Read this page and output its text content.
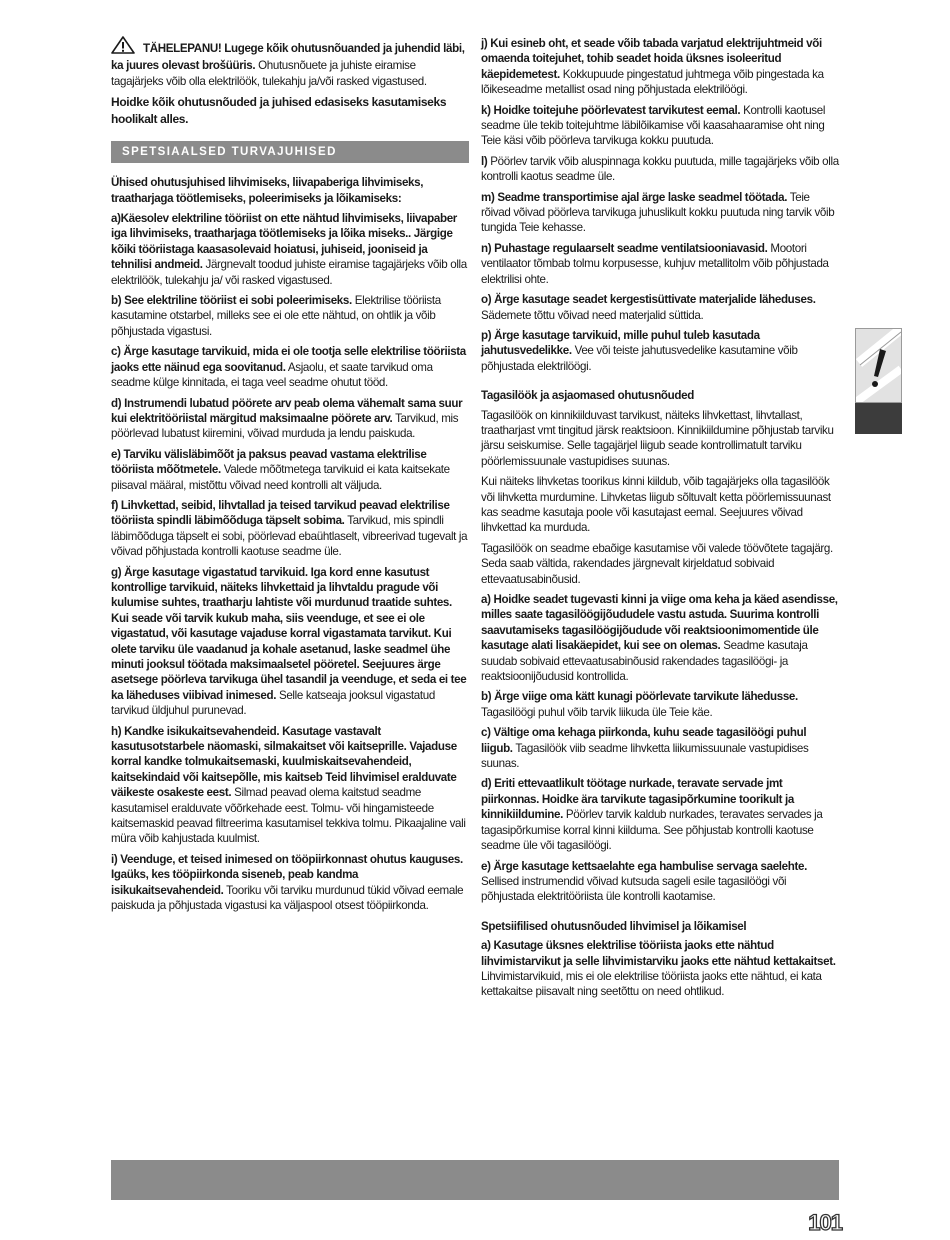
TÄHELEPANU! Lugege kõik ohutusnõuanded ja juhendid läbi, ka juures olevast brošüüris. Ohutusnõuete ja juhiste eiramise tagajärjeks võib olla elektrilöök, tulekahju ja/või rasked vigastused.
Hoidke kõik ohutusnõuded ja juhised edasiseks kasutamiseks hoolikalt alles.
SPETSIAALSED TURVAJUHISED
Ühised ohutusjuhised lihvimiseks, liivapaberiga lihvimiseks, traatharjaga töötlemiseks, poleerimiseks ja lõikamiseks:
a)Käesolev elektriline tööriist on ette nähtud lihvimiseks, liivapaber iga lihvimiseks, traatharjaga töötlemiseks ja lõika miseks.. Järgige kõiki tööriistaga kaasasolevaid hoiatusi, juhiseid, jooniseid ja tehnilisi andmeid. Järgnevalt toodud juhiste eiramise tagajärjeks võib olla elektrilöök, tulekahju ja/ või rasked vigastused.
b) See elektriline tööriist ei sobi poleerimiseks. Elektrilise tööriista kasutamine otstarbel, milleks see ei ole ette nähtud, on ohtlik ja võib põhjustada vigastusi.
c) Ärge kasutage tarvikuid, mida ei ole tootja selle elektrilise tööriista jaoks ette näinud ega soovitanud. Asjaolu, et saate tarvikud oma seadme külge kinnitada, ei taga veel seadme ohutut tööd.
d) Instrumendi lubatud pöörete arv peab olema vähemalt sama suur kui elektritööriistal märgitud maksimaalne pöörete arv. Tarvikud, mis pöörlevad lubatust kiiremini, võivad murduda ja lendu paiskuda.
e) Tarviku välisläbimõõt ja paksus peavad vastama elektrilise tööriista mõõtmetele. Valede mõõtmetega tarvikuid ei kata kaitsekate piisaval määral, mistõttu võivad need kontrolli alt väljuda.
f) Lihvkettad, seibid, lihvtallad ja teised tarvikud peavad elektrilise tööriista spindli läbimõõduga täpselt sobima. Tarvikud, mis spindli läbimõõduga täpselt ei sobi, pöörlevad ebaühtlaselt, vibreerivad tugevalt ja võivad põhjustada kontrolli kaotuse seadme üle.
g) Ärge kasutage vigastatud tarvikuid. Iga kord enne kasutust kontrollige tarvikuid, näiteks lihvkettaid ja lihvtaldu pragude või kulumise suhtes, traatharju lahtiste või murdunud traatide suhtes. Kui seade või tarvik kukub maha, siis veenduge, et see ei ole vigastatud, või kasutage vajaduse korral vigastamata tarvikut. Kui olete tarviku üle vaadanud ja kohale asetanud, laske seadmel ühe minuti jooksul töötada maksimaalsetel pööretel. Seejuures ärge asetsege pöörleva tarvikuga ühel tasandil ja veenduge, et seda ei tee ka läheduses viibivad inimesed. Selle katseaja jooksul vigastatud tarvikud üldjuhul purunevad.
h) Kandke isikukaitsevahendeid. Kasutage vastavalt kasutusotstarbele näomaski, silmakaitset või kaitseprille. Vajaduse korral kandke tolmukaitsemaski, kuulmiskaitsevahendeid, kaitsekindaid või kaitsepõlle, mis kaitseb Teid lihvimisel eralduvate väikeste osakeste eest. Silmad peavad olema kaitstud seadme kasutamisel eralduvate võõrkehade eest. Tolmu- või hingamisteede kaitsemaskid peavad filtreerima kasutamisel tekkiva tolmu. Pikaajaline vali müra võib kahjustada kuulmist.
i) Veenduge, et teised inimesed on tööpiirkonnast ohutus kauguses. Igaüks, kes tööpiirkonda siseneb, peab kandma isikukaitsevahendeid. Tooriku või tarviku murdunud tükid võivad eemale paiskuda ja põhjustada vigastusi ka väljaspool otsest tööpiirkonda.
j) Kui esineb oht, et seade võib tabada varjatud elektrijuhtmeid või omaenda toitejuhet, tohib seadet hoida üksnes isoleeritud käepidemetest. Kokkupuude pingestatud juhtmega võib pingestada ka lõikeseadme metallist osad ning põhjustada elektrilöögi.
k) Hoidke toitejuhe pöörlevatest tarvikutest eemal. Kontrolli kaotusel seadme üle tekib toitejuhtme läbilõikamise või kaasahaaramise oht ning Teie käsi võib pöörleva tarvikuga kokku puutuda.
l) Pöörlev tarvik võib aluspinnaga kokku puutuda, mille tagajärjeks võib olla kontrolli kaotus seadme üle.
m) Seadme transportimise ajal ärge laske seadmel töötada. Teie rõivad võivad pöörleva tarvikuga juhuslikult kokku puutuda ning tarvik võib tungida Teie kehasse.
n) Puhastage regulaarselt seadme ventilatsiooniavasid. Mootori ventilaator tõmbab tolmu korpusesse, kuhjuv metallitolm võib põhjustada elektrilisi ohte.
o) Ärge kasutage seadet kergestisüttivate materjalide läheduses. Sädemete tõttu võivad need materjalid süttida.
p) Ärge kasutage tarvikuid, mille puhul tuleb kasutada jahutusvedelikke. Vee või teiste jahutusvedelike kasutamine võib põhjustada elektrilöögi.
Tagasilöök ja asjaomased ohutusnõuded
Tagasilöök on kinnikiilduvast tarvikust, näiteks lihvkettast, lihvtallast, traatharjast vmt tingitud järsk reaktsioon. Kinnikiildumine põhjustab tarviku järsu seiskumise. Selle tagajärjel liigub seade kontrollimatult tarviku pöörlemissuunale vastupidises suunas.
Kui näiteks lihvketas toorikus kinni kiildub, võib tagajärjeks olla tagasilöök või lihvketta murdumine. Lihvketas liigub sõltuvalt ketta pöörlemissuunast kas seadme kasutaja poole või kasutajast eemal. Seejuures võivad lihvkettad ka murduda.
Tagasilöök on seadme ebaõige kasutamise või valede töövõtete tagajärg. Seda saab vältida, rakendades järgnevalt kirjeldatud sobivaid ettevaatusabinõusid.
a) Hoidke seadet tugevasti kinni ja viige oma keha ja käed asendisse, milles saate tagasilöögijõududele vastu astuda. Suurima kontrolli saavutamiseks tagasilöögijõudude või reaktsioonimomentide üle kasutage alati lisakäepidet, kui see on olemas. Seadme kasutaja suudab sobivaid ettevaatusabinõusid rakendades tagasilöögi- ja reaktsioonijõudusid kontrollida.
b) Ärge viige oma kätt kunagi pöörlevate tarvikute lähedusse. Tagasilöögi puhul võib tarvik liikuda üle Teie käe.
c) Vältige oma kehaga piirkonda, kuhu seade tagasilöögi puhul liigub. Tagasilöök viib seadme lihvketta liikumissuunale vastupidises suunas.
d) Eriti ettevaatlikult töötage nurkade, teravate servade jmt piirkonnas. Hoidke ära tarvikute tagasipõrkumine toorikult ja kinnikiildumine. Pöörlev tarvik kaldub nurkades, teravates servades ja tagasipõrkumise korral kinni kiilduma. See põhjustab kontrolli kaotuse seadme üle või tagasilöögi.
e) Ärge kasutage kettsaelahte ega hambulise servaga saelehte. Sellised instrumendid võivad kutsuda sageli esile tagasilöögi või põhjustada elektritööriista üle kontrolli kaotamise.
Spetsiifilised ohutusnõuded lihvimisel ja lõikamisel
a) Kasutage üksnes elektrilise tööriista jaoks ette nähtud lihvimistarvikut ja selle lihvimistarviku jaoks ette nähtud kettakaitset. Lihvimistarvikuid, mis ei ole elektrilise tööriista jaoks ette nähtud, ei kata kettakaitse piisavalt ning seetõttu on need ohtlikud.
101
